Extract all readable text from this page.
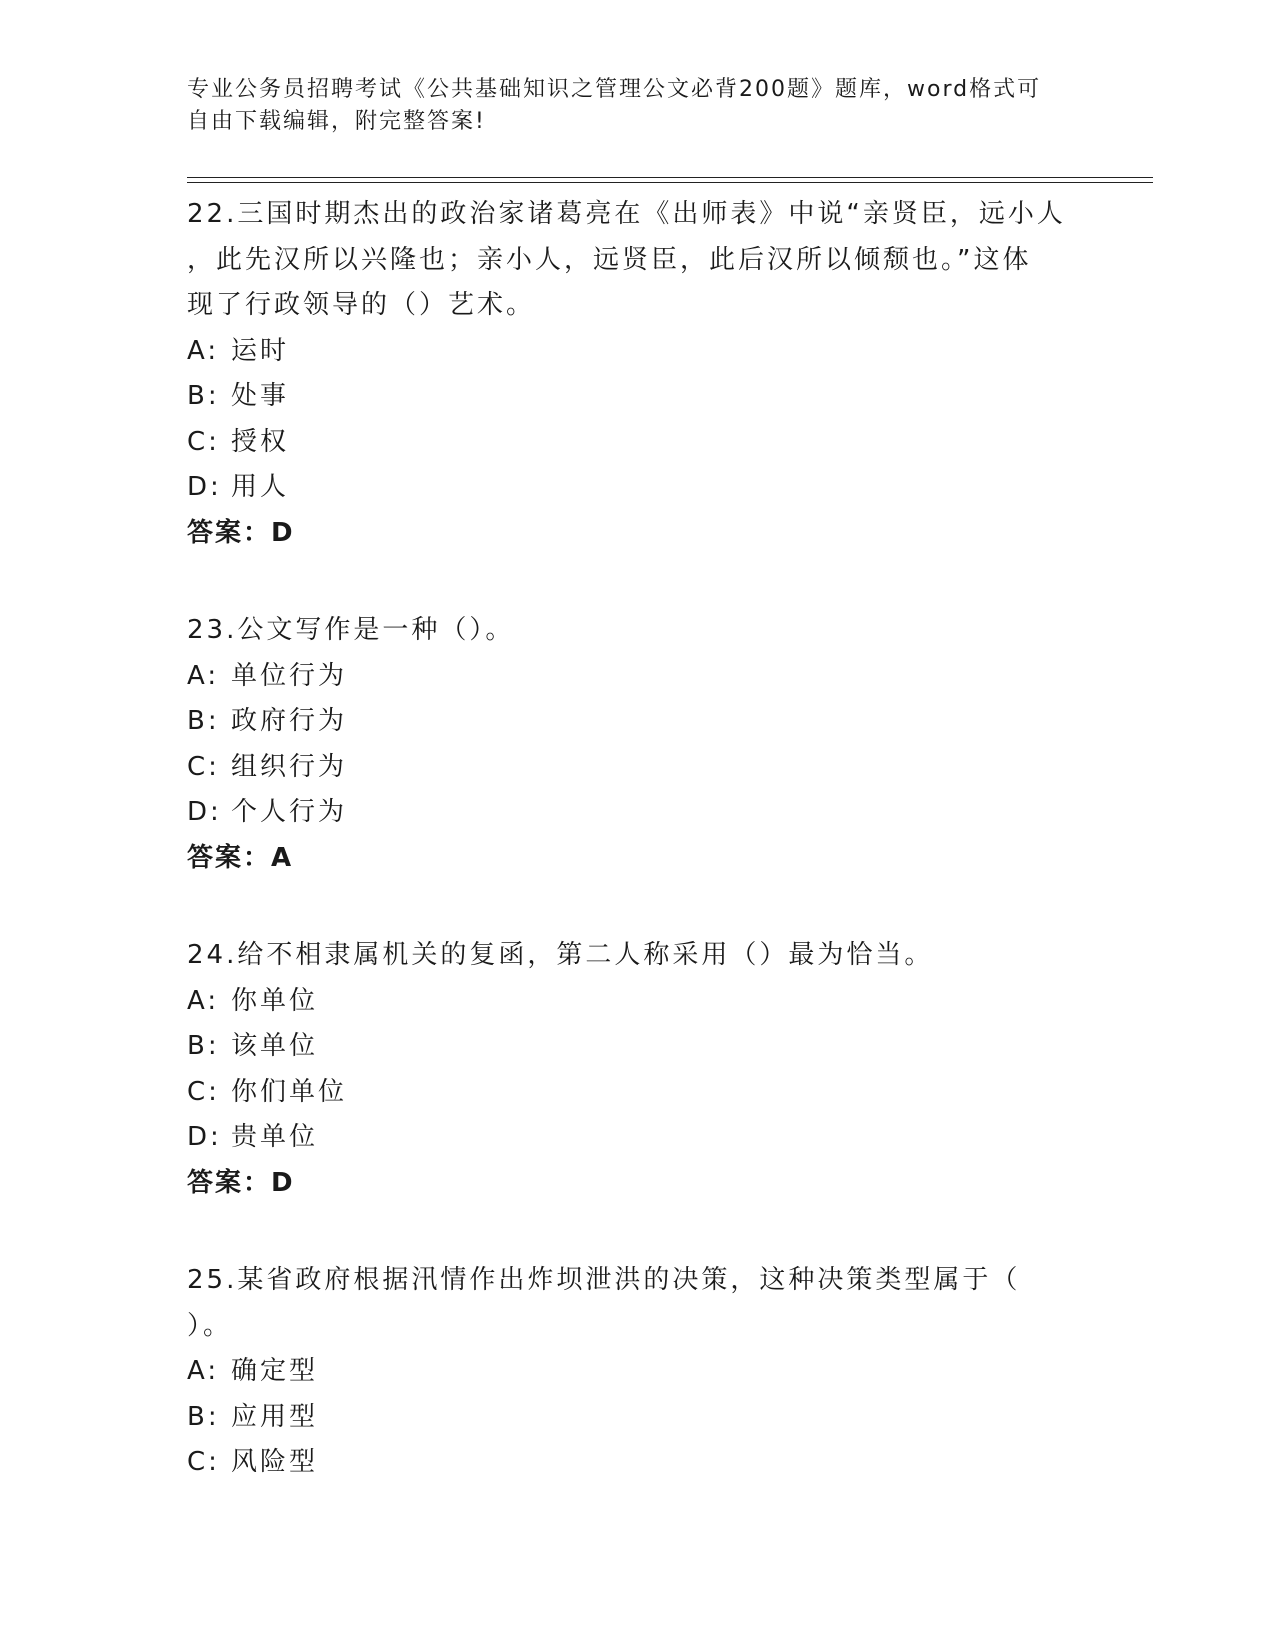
专业公务员招聘考试《公共基础知识之管理公文必背200题》题库，word格式可
自由下载编辑，附完整答案!
22.三国时期杰出的政治家诸葛亮在《出师表》中说“亲贤臣，远小人
，此先汉所以兴隆也；亲小人，远贤臣，此后汉所以倾颓也。”这体
现了行政领导的（）艺术。
A: 运时
B: 处事
C: 授权
D: 用人
答案：D
23.公文写作是一种（）。
A: 单位行为
B: 政府行为
C: 组织行为
D: 个人行为
答案：A
24.给不相隶属机关的复函，第二人称采用（）最为恰当。
A: 你单位
B: 该单位
C: 你们单位
D: 贵单位
答案：D
25.某省政府根据汛情作出炸坝泄洪的决策，这种决策类型属于（
）。
A: 确定型
B: 应用型
C: 风险型
